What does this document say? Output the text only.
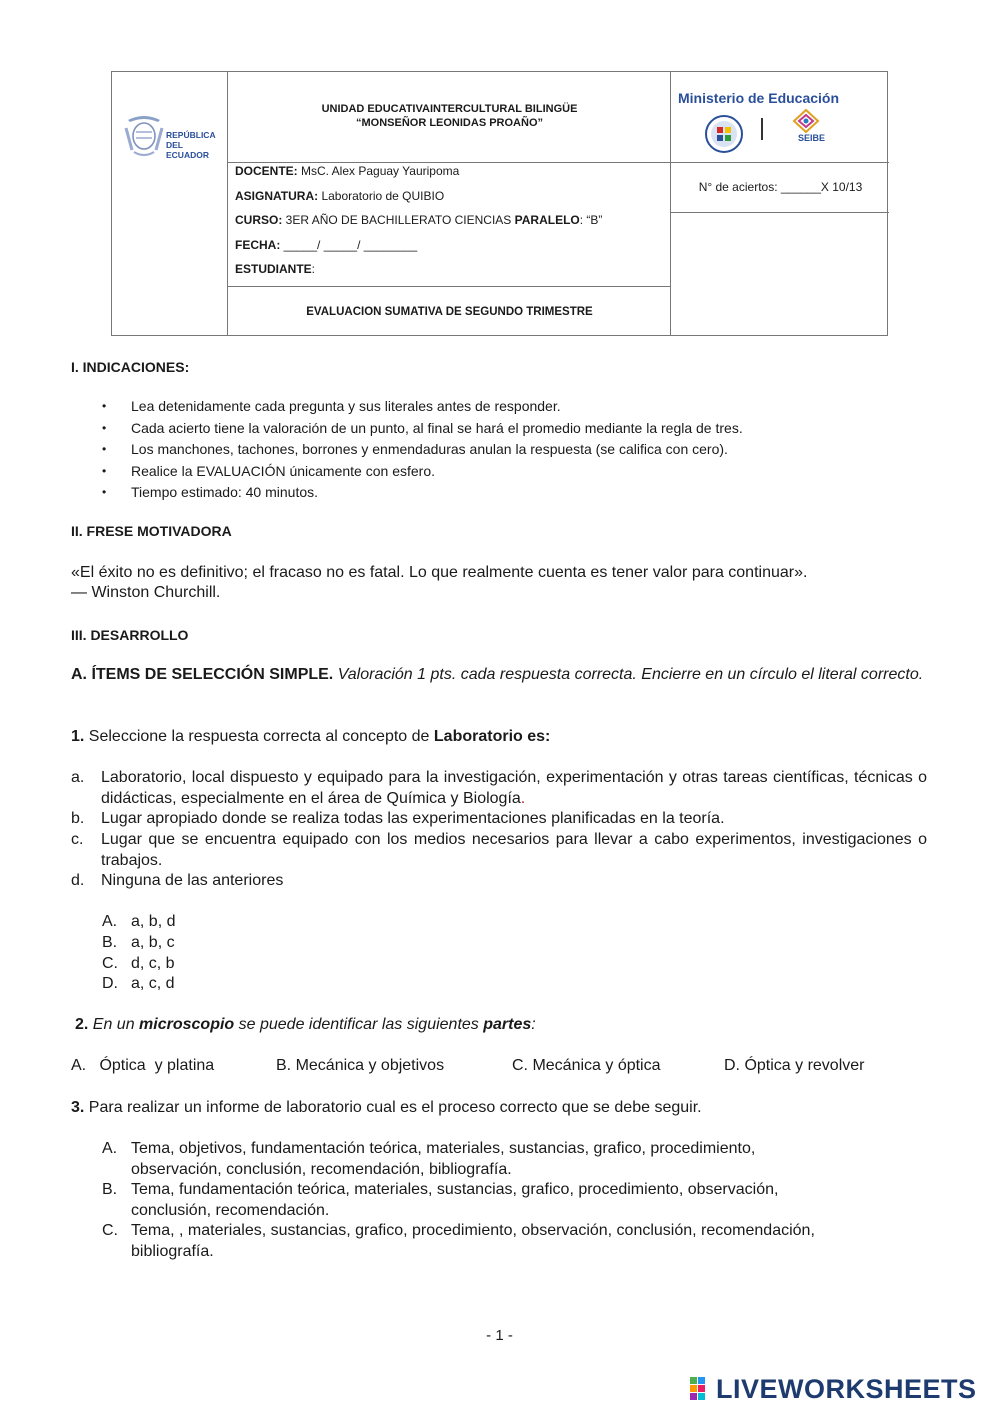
REPÚBLICA
DEL ECUADOR
UNIDAD EDUCATIVAINTERCULTURAL BILINGÜE
“MONSEÑOR LEONIDAS PROAÑO”
Ministerio de Educación
SEIBE
DOCENTE: MsC. Alex Paguay Yauripoma
ASIGNATURA: Laboratorio de QUIBIO
CURSO: 3ER AÑO DE BACHILLERATO CIENCIAS PARALELO: “B”
FECHA: _____/ _____/ ________
ESTUDIANTE:
N° de aciertos: ______X 10/13
EVALUACION SUMATIVA DE SEGUNDO TRIMESTRE
I. INDICACIONES:
• Lea detenidamente cada pregunta y sus literales antes de responder.
• Cada acierto tiene la valoración de un punto, al final se hará el promedio mediante la regla de tres.
• Los manchones, tachones, borrones y enmendaduras anulan la respuesta (se califica con cero).
• Realice la EVALUACIÓN únicamente con esfero.
• Tiempo estimado: 40 minutos.
II. FRESE MOTIVADORA
«El éxito no es definitivo; el fracaso no es fatal. Lo que realmente cuenta es tener valor para continuar».
— Winston Churchill.
III. DESARROLLO
A. ÍTEMS DE SELECCIÓN SIMPLE. Valoración 1 pts. cada respuesta correcta. Encierre en un círculo el literal correcto.
1. Seleccione la respuesta correcta al concepto de Laboratorio es:
a. Laboratorio, local dispuesto y equipado para la investigación, experimentación y otras tareas científicas, técnicas o didácticas, especialmente en el área de Química y Biología.
b. Lugar apropiado donde se realiza todas las experimentaciones planificadas en la teoría.
c. Lugar que se encuentra equipado con los medios necesarios para llevar a cabo experimentos, investigaciones o trabajos.
d. Ninguna de las anteriores
A. a, b, d
B. a, b, c
C. d, c, b
D. a, c, d
2. En un microscopio se puede identificar las siguientes partes:
A.   Óptica  y platina	B. Mecánica y objetivos	C. Mecánica y óptica	D. Óptica y revolver
3. Para realizar un informe de laboratorio cual es el proceso correcto que se debe seguir.
A. Tema, objetivos, fundamentación teórica, materiales, sustancias, grafico, procedimiento,
observación, conclusión, recomendación, bibliografía.
B. Tema, fundamentación teórica, materiales, sustancias, grafico, procedimiento, observación,
conclusión, recomendación.
C. Tema, , materiales, sustancias, grafico, procedimiento, observación, conclusión, recomendación,
bibliografía.
- 1 -
LIVEWORKSHEETS
